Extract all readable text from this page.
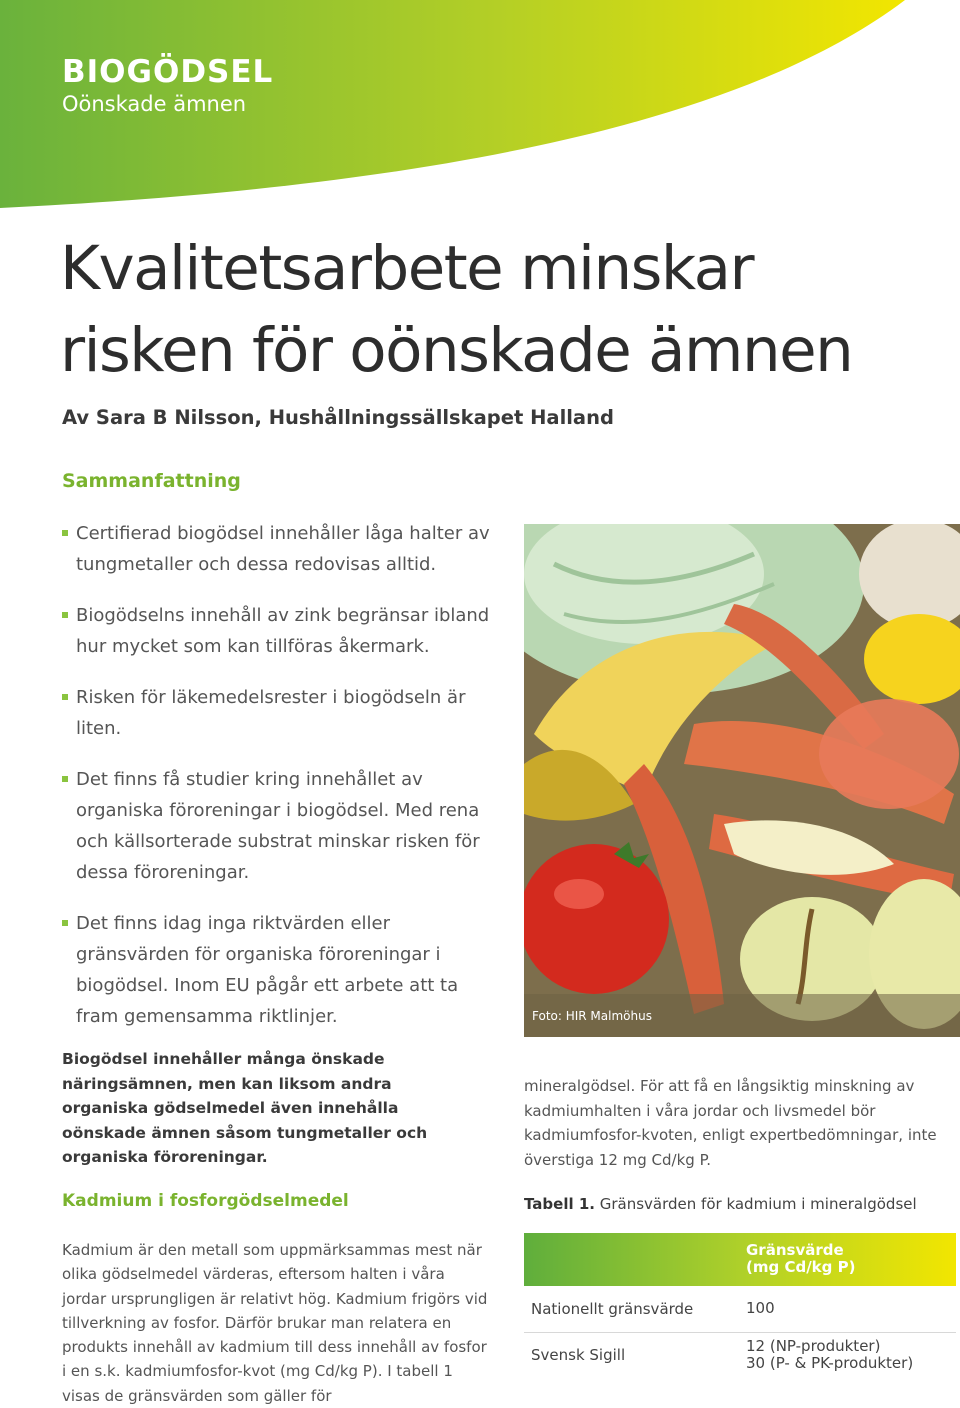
BIOGÖDSEL
Oönskade ämnen
Kvalitetsarbete minskar
risken för oönskade ämnen
Av Sara B Nilsson, Hushållningssällskapet Halland
Sammanfattning
Certifierad biogödsel innehåller låga halter av tungmetaller och dessa redovisas alltid.
Biogödselns innehåll av zink begränsar ibland hur mycket som kan tillföras åkermark.
Risken för läkemedelsrester i biogödseln är liten.
Det finns få studier kring innehållet av organiska föroreningar i biogödsel. Med rena och källsorterade substrat minskar risken för dessa föroreningar.
Det finns idag inga riktvärden eller gränsvärden för organiska föroreningar i biogödsel. Inom EU pågår ett arbete att ta fram gemensamma riktlinjer.	Foto: HIR Malmöhus
Biogödsel innehåller många önskade näringsämnen, men kan liksom andra organiska gödselmedel även innehålla oönskade ämnen såsom tungmetaller och organiska föroreningar.
mineralgödsel. För att få en långsiktig minskning av kadmiumhalten i våra jordar och livsmedel bör kadmiumfosfor-kvoten, enligt expertbedömningar, inte överstiga 12 mg Cd/kg P.
Kadmium i fosforgödselmedel
Kadmium är den metall som uppmärksammas mest när olika gödselmedel värderas, eftersom halten i våra jordar ursprungligen är relativt hög. Kadmium frigörs vid tillverkning av fosfor. Därför brukar man relatera en produkts innehåll av kadmium till dess innehåll av fosfor i en s.k. kadmiumfosfor-kvot (mg Cd/kg P). I tabell 1 visas de gränsvärden som gäller för
Tabell 1. Gränsvärden för kadmium i mineralgödsel
Gränsvärde
(mg Cd/kg P)
Nationellt gränsvärde	100
Svensk Sigill	12 (NP-produkter)
30 (P- & PK-produkter)
